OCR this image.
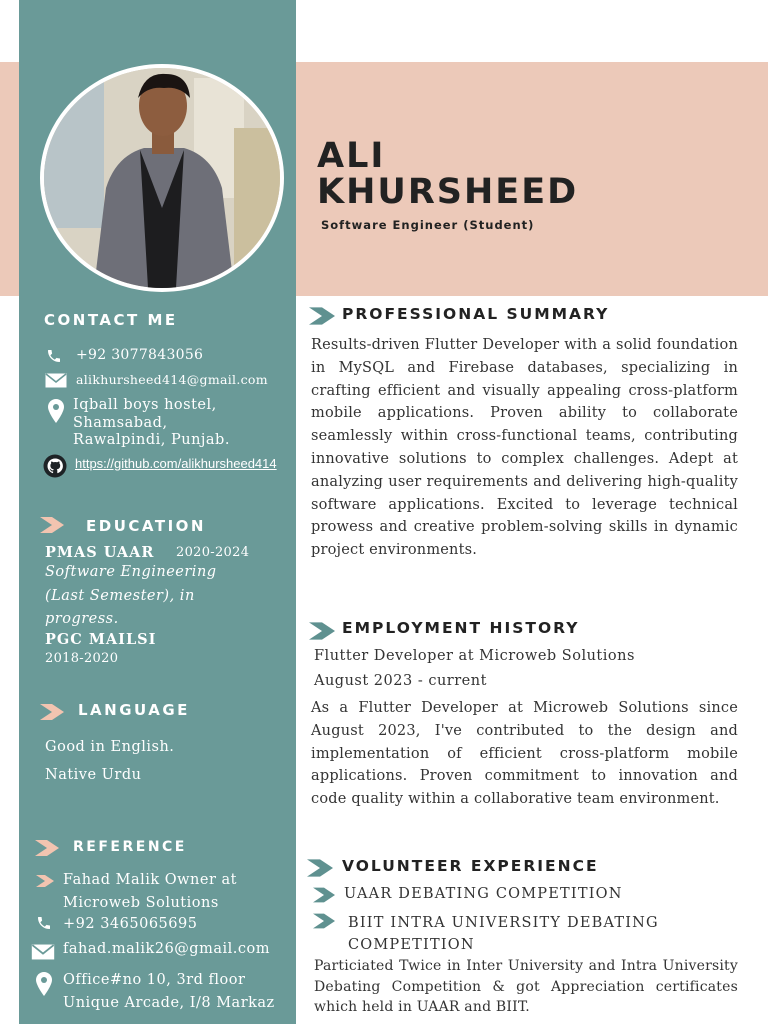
ALI
KHURSHEED
Software Engineer (Student)
CONTACT ME
+92 3077843056
alikhursheed414@gmail.com
Iqball boys hostel,
Shamsabad,
Rawalpindi, Punjab.
https://github.com/alikhursheed414
EDUCATION
PMAS UAAR 2020-2024
Software Engineering
(Last Semester), in
progress.
PGC MAILSI
2018-2020
LANGUAGE
Good in English.
Native Urdu
REFERENCE
Fahad Malik Owner at
Microweb Solutions
+92 3465065695
fahad.malik26@gmail.com
Office#no 10, 3rd floor
Unique Arcade, I/8 Markaz
PROFESSIONAL SUMMARY
Results-driven Flutter Developer with a solid foundation in MySQL and Firebase databases, specializing in crafting efficient and visually appealing cross-platform mobile applications. Proven ability to collaborate seamlessly within cross-functional teams, contributing innovative solutions to complex challenges. Adept at analyzing user requirements and delivering high-quality software applications. Excited to leverage technical prowess and creative problem-solving skills in dynamic project environments.
EMPLOYMENT HISTORY
Flutter Developer at Microweb Solutions
August 2023 - current
As a Flutter Developer at Microweb Solutions since August 2023, I've contributed to the design and implementation of efficient cross-platform mobile applications. Proven commitment to innovation and code quality within a collaborative team environment.
VOLUNTEER EXPERIENCE
UAAR DEBATING COMPETITION
BIIT INTRA UNIVERSITY DEBATING
COMPETITION
Particiated Twice in Inter University and Intra University Debating Competition & got Appreciation certificates which held in UAAR and BIIT.
